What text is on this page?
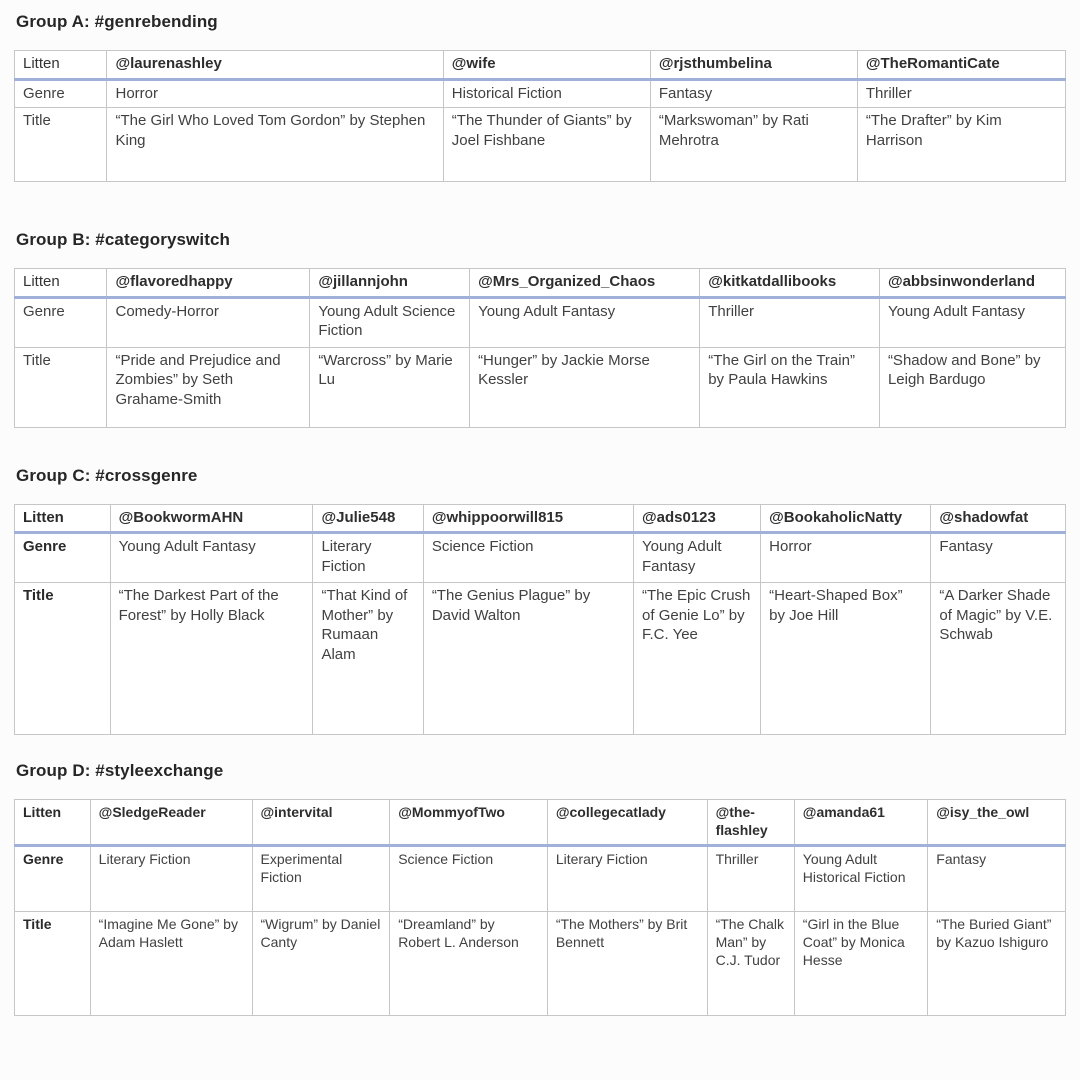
Group A: #genrebending
Litten	@laurenashley	@wife	@rjsthumbelina	@TheRomantiCate
Genre	Horror	Historical Fiction	Fantasy	Thriller
Title	“The Girl Who Loved Tom Gordon” by Stephen King	“The Thunder of Giants” by Joel Fishbane	“Markswoman” by Rati Mehrotra	“The Drafter” by Kim Harrison
Group B: #categoryswitch
Litten	@flavoredhappy	@jillannjohn	@Mrs_Organized_Chaos	@kitkatdallibooks	@abbsinwonderland
Genre	Comedy-Horror	Young Adult Science Fiction	Young Adult Fantasy	Thriller	Young Adult Fantasy
Title	“Pride and Prejudice and Zombies” by Seth Grahame-Smith	“Warcross” by Marie Lu	“Hunger” by Jackie Morse Kessler	“The Girl on the Train” by Paula Hawkins	“Shadow and Bone” by Leigh Bardugo
Group C: #crossgenre
Litten	@BookwormAHN	@Julie548	@whippoorwill815	@ads0123	@BookaholicNatty	@shadowfat
Genre	Young Adult Fantasy	Literary Fiction	Science Fiction	Young Adult Fantasy	Horror	Fantasy
Title	“The Darkest Part of the Forest” by Holly Black	“That Kind of Mother” by Rumaan Alam	“The Genius Plague” by David Walton	“The Epic Crush of Genie Lo” by F.C. Yee	“Heart-Shaped Box” by Joe Hill	“A Darker Shade of Magic” by V.E. Schwab
Group D: #styleexchange
Litten	@SledgeReader	@intervital	@MommyofTwo	@collegecatlady	@the-flashley	@amanda61	@isy_the_owl
Genre	Literary Fiction	Experimental Fiction	Science Fiction	Literary Fiction	Thriller	Young Adult Historical Fiction	Fantasy
Title	“Imagine Me Gone” by Adam Haslett	“Wigrum” by Daniel Canty	“Dreamland” by Robert L. Anderson	“The Mothers” by Brit Bennett	“The Chalk Man” by C.J. Tudor	“Girl in the Blue Coat” by Monica Hesse	“The Buried Giant” by Kazuo Ishiguro
